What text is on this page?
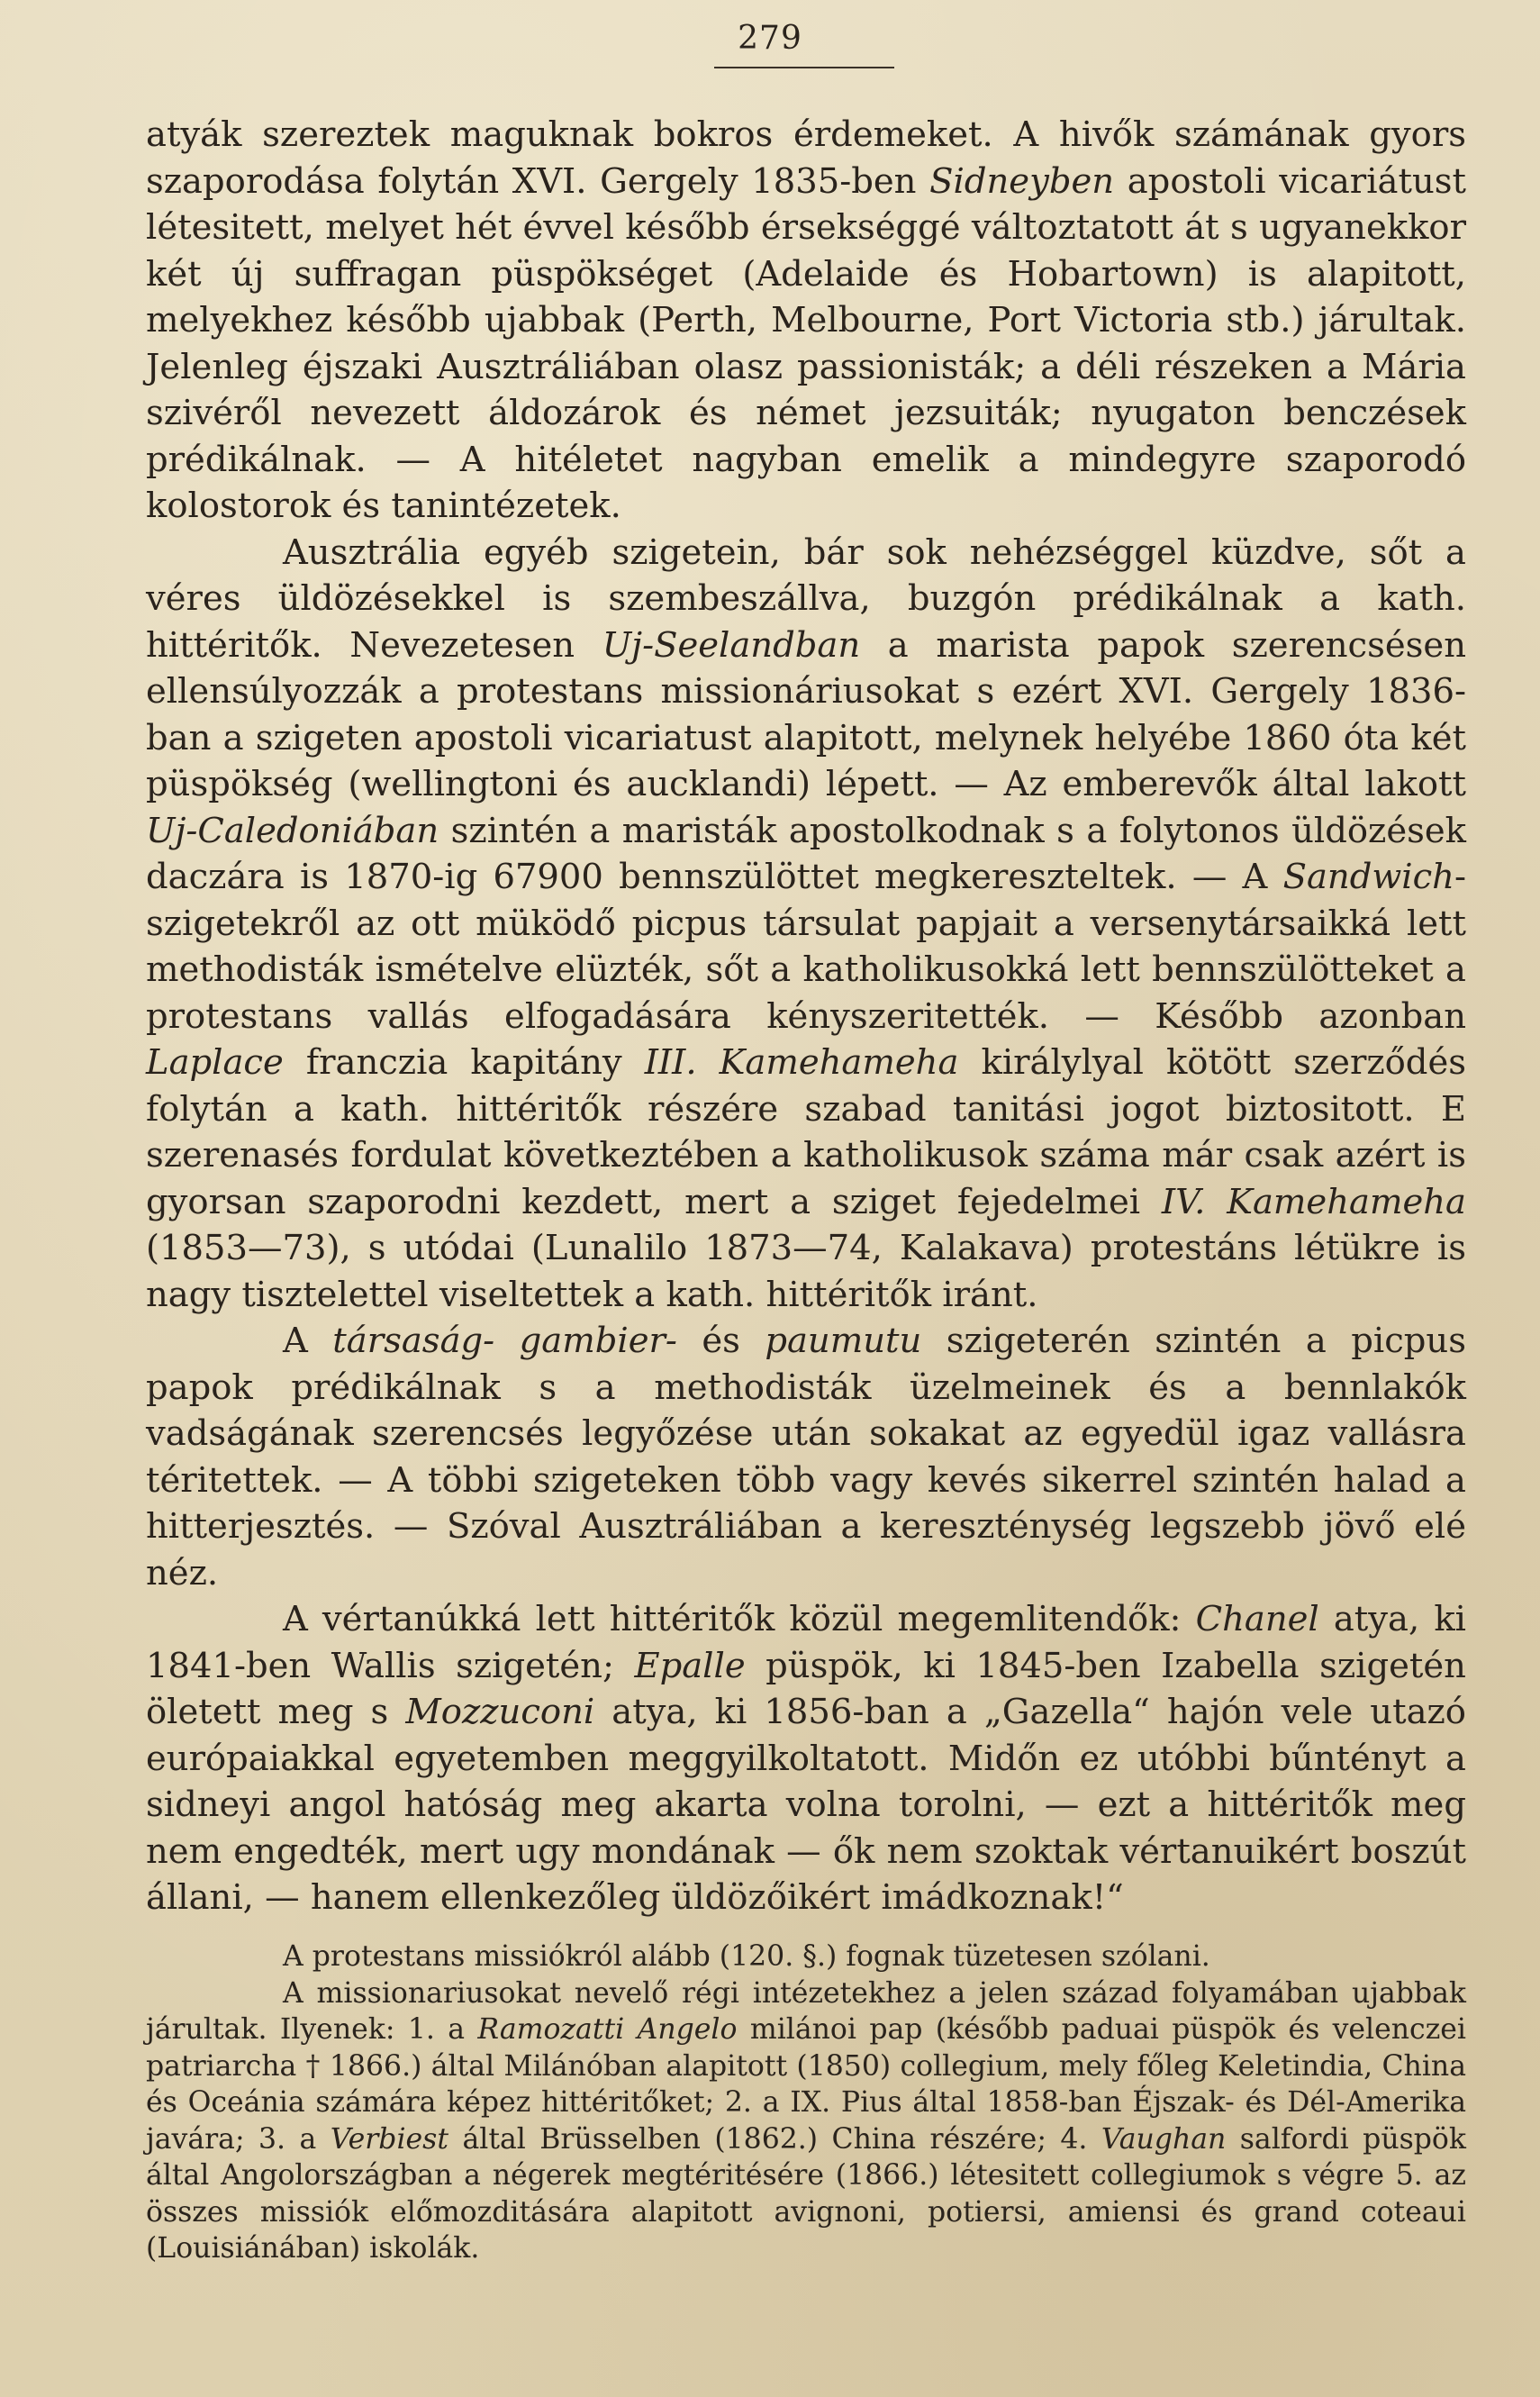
279

atyák szereztek maguknak bokros érdemeket. A hivők számának gyors szaporodása folytán XVI. Gergely 1835-ben Sidneyben apostoli vicariátust létesitett, melyet hét évvel később érsekséggé változtatott át s ugyanekkor két új suffragan püspökséget (Adelaide és Hobartown) is alapitott, melyekhez később ujabbak (Perth, Melbourne, Port Victoria stb.) járultak. Jelenleg éjszaki Ausztráliában olasz passionisták; a déli részeken a Mária szivéről nevezett áldozárok és német jezsuiták; nyugaton benczések prédikálnak. — A hitéletet nagyban emelik a mindegyre szaporodó kolostorok és tanintézetek.

Ausztrália egyéb szigetein, bár sok nehézséggel küzdve, sőt a véres üldözésekkel is szembeszállva, buzgón prédikálnak a kath. hittéritők. Nevezetesen Uj-Seelandban a marista papok szerencsésen ellensúlyozzák a protestans missionáriusokat s ezért XVI. Gergely 1836-ban a szigeten apostoli vicariatust alapitott, melynek helyébe 1860 óta két püspökség (wellingtoni és aucklandi) lépett. — Az emberevők által lakott Uj-Caledoniában szintén a maristák apostolkodnak s a folytonos üldözések daczára is 1870-ig 67900 bennszülöttet megkereszteltek. — A Sandwich-szigetekről az ott müködő picpus társulat papjait a versenytársaikká lett methodisták ismételve elüzték, sőt a katholikusokká lett bennszülötteket a protestans vallás elfogadására kényszeritették. — Később azonban Laplace franczia kapitány III. Kamehameha királylyal kötött szerződés folytán a kath. hittéritők részére szabad tanitási jogot biztositott. E szerenasés fordulat következtében a katholikusok száma már csak azért is gyorsan szaporodni kezdett, mert a sziget fejedelmei IV. Kamehameha (1853—73), s utódai (Lunalilo 1873—74, Kalakava) protestáns létükre is nagy tisztelettel viseltettek a kath. hittéritők iránt.

A társaság- gambier- és paumutu szigeterén szintén a picpus papok prédikálnak s a methodisták üzelmeinek és a bennlakók vadságának szerencsés legyőzése után sokakat az egyedül igaz vallásra téritettek. — A többi szigeteken több vagy kevés sikerrel szintén halad a hitterjesztés. — Szóval Ausztráliában a kereszténység legszebb jövő elé néz.

A vértanúkká lett hittéritők közül megemlitendők: Chanel atya, ki 1841-ben Wallis szigetén; Epalle püspök, ki 1845-ben Izabella szigetén öletett meg s Mozzuconi atya, ki 1856-ban a „Gazella“ hajón vele utazó európaiakkal egyetemben meggyilkoltatott. Midőn ez utóbbi bűntényt a sidneyi angol hatóság meg akarta volna torolni, — ezt a hittéritők meg nem engedték, mert ugy mondának — ők nem szoktak vértanuikért boszút állani, — hanem ellenkezőleg üldözőikért imádkoznak!“

A protestans missiókról alább (120. §.) fognak tüzetesen szólani.

A missionariusokat nevelő régi intézetekhez a jelen század folyamában ujabbak járultak. Ilyenek: 1. a Ramozatti Angelo milánoi pap (később paduai püspök és velenczei patriarcha † 1866.) által Milánóban alapitott (1850) collegium, mely főleg Keletindia, China és Oceánia számára képez hittéritőket; 2. a IX. Pius által 1858-ban Éjszak- és Dél-Amerika javára; 3. a Verbiest által Brüsselben (1862.) China részére; 4. Vaughan salfordi püspök által Angolországban a négerek megtéritésére (1866.) létesitett collegiumok s végre 5. az összes missiók előmozditására alapitott avignoni, potiersi, amiensi és grand coteaui (Louisiánában) iskolák.
